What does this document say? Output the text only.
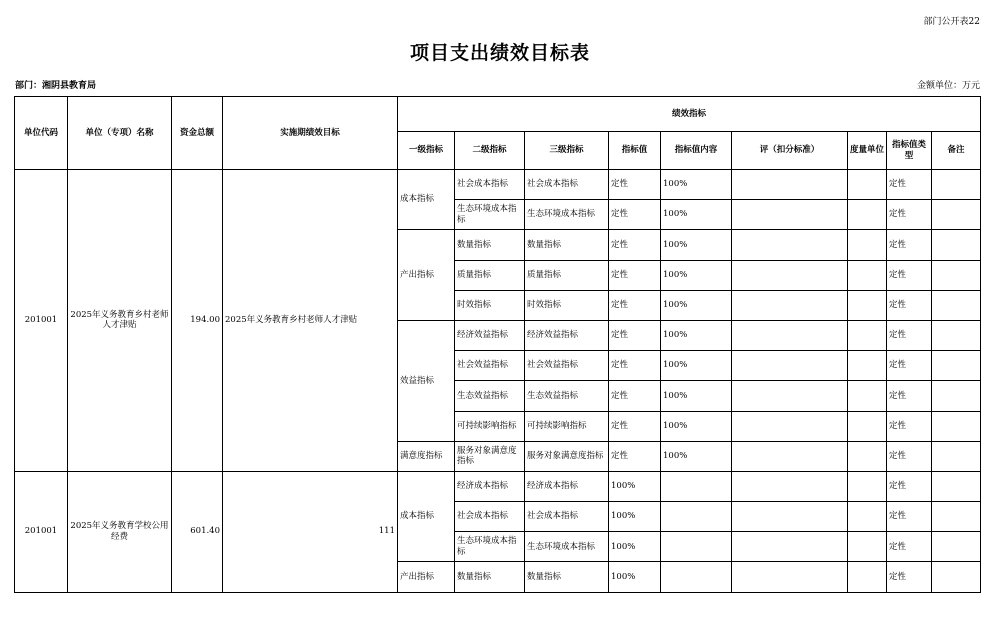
部门公开表22
项目支出绩效目标表
部门：湘阴县教育局	金额单位：万元
单位代码	单位（专项）名称	资金总额	实施期绩效目标	绩效指标								
				一级指标	二级指标	三级指标	指标值	指标值内容	评（扣分标准）	度量单位	指标值类型	备注
201001	2025年义务教育乡村老师人才津贴	194.00	2025年义务教育乡村老师人才津贴	成本指标	社会成本指标	社会成本指标	定性	100%			定性	
					生态环境成本指标	生态环境成本指标	定性	100%			定性	
				产出指标	数量指标	数量指标	定性	100%			定性	
					质量指标	质量指标	定性	100%			定性	
					时效指标	时效指标	定性	100%			定性	
				效益指标	经济效益指标	经济效益指标	定性	100%			定性	
					社会效益指标	社会效益指标	定性	100%			定性	
					生态效益指标	生态效益指标	定性	100%			定性	
					可持续影响指标	可持续影响指标	定性	100%			定性	
				满意度指标	服务对象满意度指标	服务对象满意度指标	定性	100%			定性	
201001	2025年义务教育学校公用经费	601.40	111	成本指标	经济成本指标	经济成本指标	100%				定性	
					社会成本指标	社会成本指标	100%				定性	
					生态环境成本指标	生态环境成本指标	100%				定性	
				产出指标	数量指标	数量指标	100%				定性	
